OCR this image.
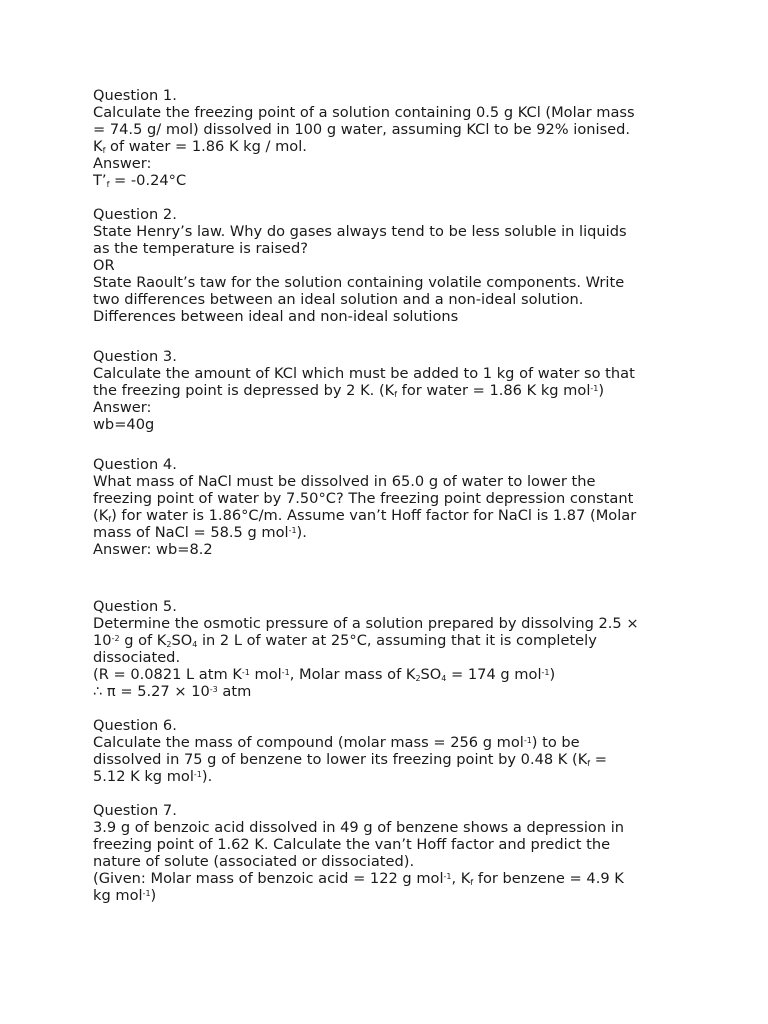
Question 1.
Calculate the freezing point of a solution containing 0.5 g KCl (Molar mass
= 74.5 g/ mol) dissolved in 100 g water, assuming KCl to be 92% ionised.
$K_f$ of water = 1.86 K kg / mol.
Answer:
$T’_f = -0.24^\circ C$
Question 2.
State Henry’s law. Why do gases always tend to be less soluble in liquids
as the temperature is raised?
OR
State Raoult’s taw for the solution containing volatile components. Write
two differences between an ideal solution and a non-ideal solution.
Differences between ideal and non-ideal solutions
Question 3.
Calculate the amount of KCl which must be added to 1 kg of water so that
the freezing point is depressed by 2 K. ($K_f$ for water = 1.86 K kg mol$^{-1}$)
Answer:
wb=40g
Question 4.
What mass of NaCl must be dissolved in 65.0 g of water to lower the
freezing point of water by 7.50°C? The freezing point depression constant
$(K_f)$ for water is 1.86°C/m. Assume van’t Hoff factor for NaCl is 1.87 (Molar
mass of NaCl = 58.5 g mol$^{-1}$).
Answer: wb=8.2
Question 5.
Determine the osmotic pressure of a solution prepared by dissolving 2.5 ×
$10^{-2}$ g of $K_2SO_4$ in 2 L of water at 25°C, assuming that it is completely
dissociated.
(R = 0.0821 L atm $K^{-1}$ mol$^{-1}$, Molar mass of $K_2SO_4 = 174$ g mol$^{-1}$)
∴ $\pi = 5.27 \times 10^{-3}$ atm
Question 6.
Calculate the mass of compound (molar mass = 256 g mol$^{-1}$) to be
dissolved in 75 g of benzene to lower its freezing point by 0.48 K ($K_f$ =
5.12 K kg mol$^{-1}$).
Question 7.
3.9 g of benzoic acid dissolved in 49 g of benzene shows a depression in
freezing point of 1.62 K. Calculate the van’t Hoff factor and predict the
nature of solute (associated or dissociated).
(Given: Molar mass of benzoic acid = 122 g mol$^{-1}$, $K_f$ for benzene = 4.9 K
kg mol$^{-1}$)
